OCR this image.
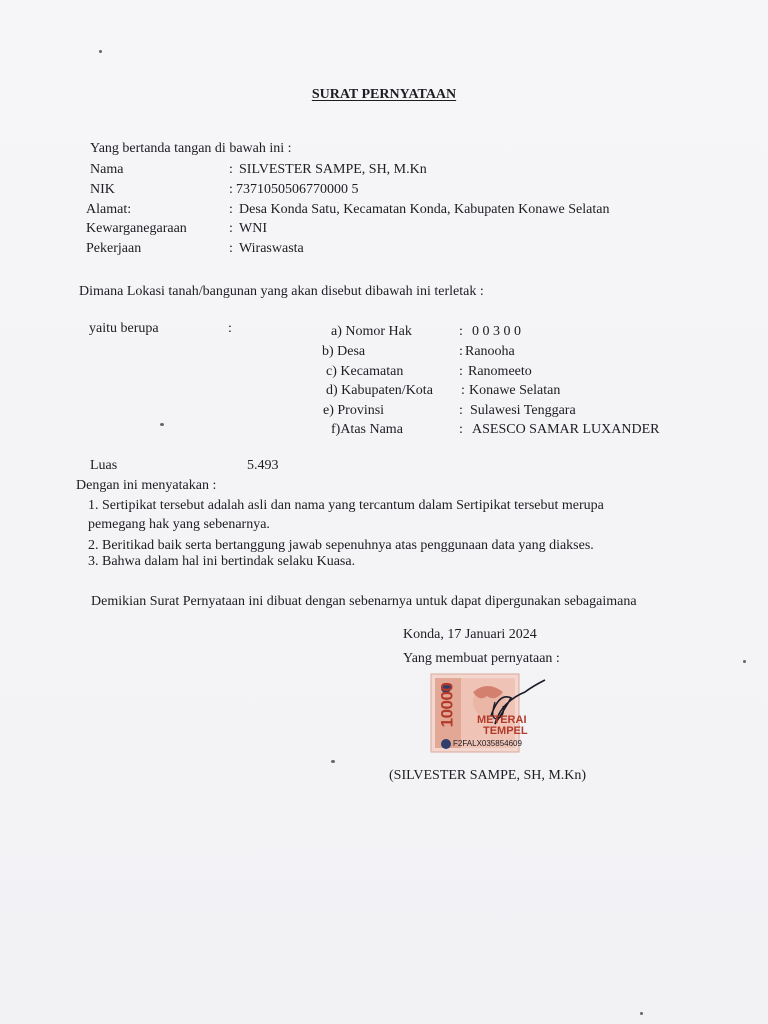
SURAT PERNYATAAN
Yang bertanda tangan di bawah ini :
Nama	: SILVESTER SAMPE, SH, M.Kn
NIK	: 7371050506770000 5
Alamat:	: Desa Konda Satu, Kecamatan Konda, Kabupaten Konawe Selatan
Kewarganegaraan	: WNI
Pekerjaan	: Wiraswasta
Dimana Lokasi tanah/bangunan yang akan disebut dibawah ini terletak :
yaitu berupa	:	a) Nomor Hak	: 0 0 3 0 0
b) Desa	: Ranooha
c) Kecamatan	: Ranomeeto
d) Kabupaten/Kota : Konawe Selatan
e) Provinsi	: Sulawesi Tenggara
f)Atas Nama	: ASESCO SAMAR LUXANDER
Luas	5.493
Dengan ini menyatakan :
1. Sertipikat tersebut adalah asli dan nama yang tercantum dalam Sertipikat tersebut merupa
pemegang hak yang sebenarnya.
2. Beritikad baik serta bertanggung jawab sepenuhnya atas penggunaan data yang diakses.
3. Bahwa dalam hal ini bertindak selaku Kuasa.
Demikian Surat Pernyataan ini dibuat dengan sebenarnya untuk dapat dipergunakan sebagaimana
Konda, 17 Januari 2024
Yang membuat pernyataan :
10000 METERAI
TEMPEL
F2FALX035854609
(SILVESTER SAMPE, SH, M.Kn)
